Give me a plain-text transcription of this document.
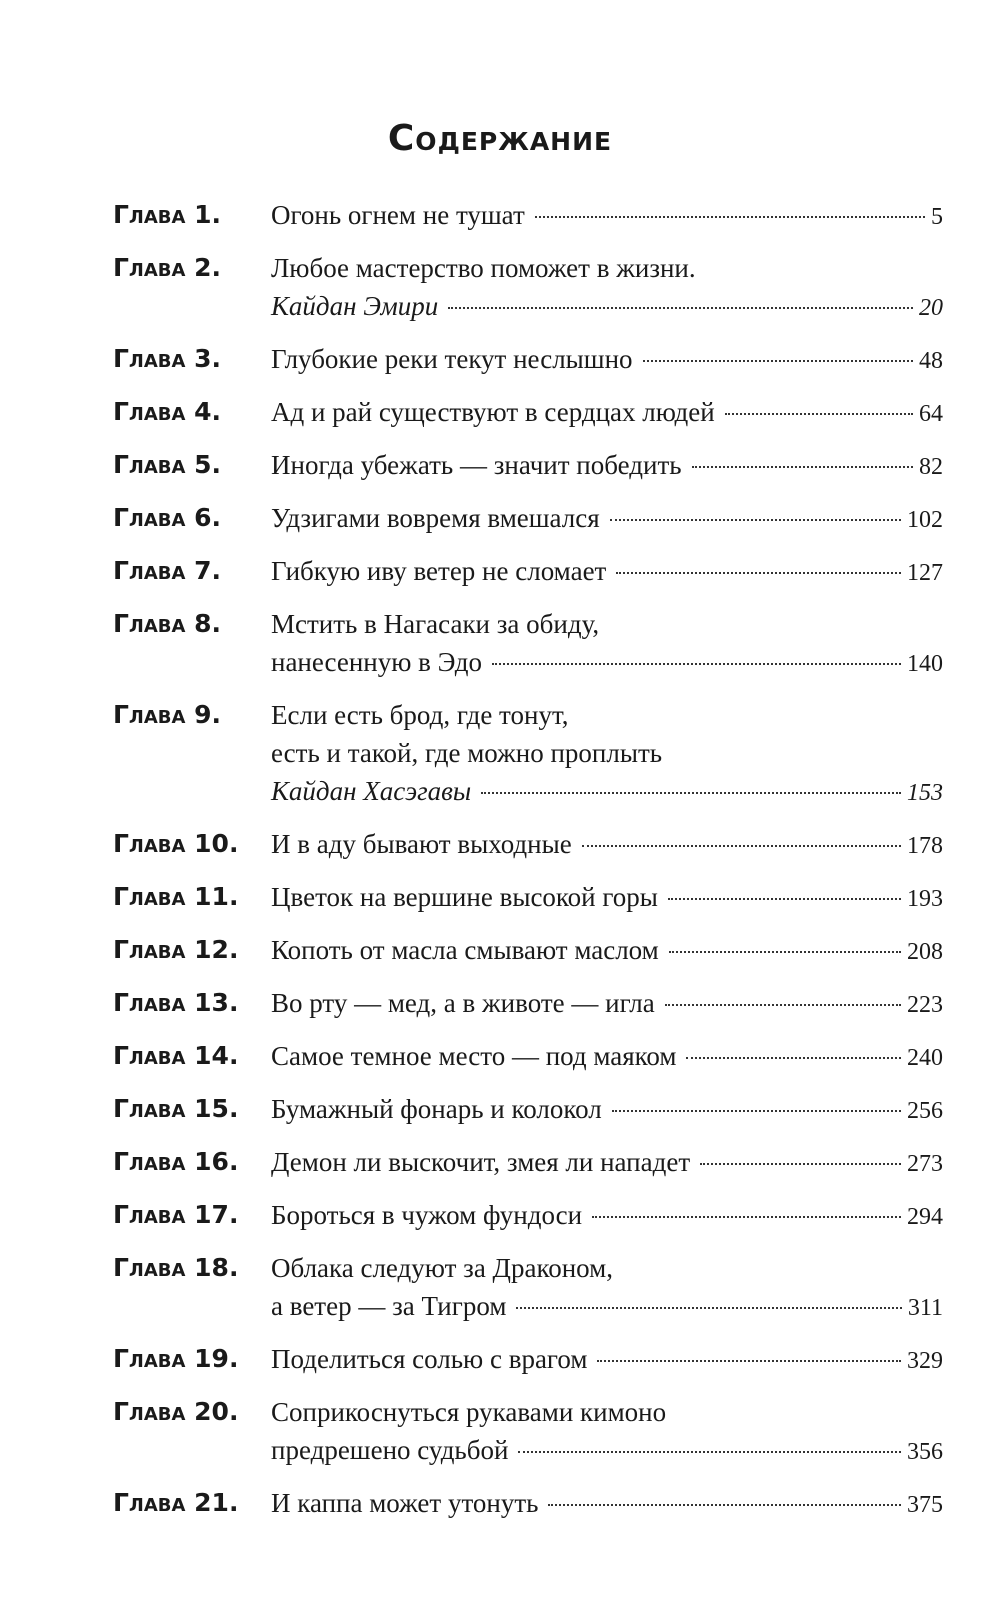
Содержание
Глава 1.	Огонь огнем не тушат	5
Глава 2.	Любое мастерство поможет в жизни.
Кайдан Эмири	20
Глава 3.	Глубокие реки текут неслышно	48
Глава 4.	Ад и рай существуют в сердцах людей	64
Глава 5.	Иногда убежать — значит победить	82
Глава 6.	Удзигами вовремя вмешался	102
Глава 7.	Гибкую иву ветер не сломает	127
Глава 8.	Мстить в Нагасаки за обиду,
нанесенную в Эдо	140
Глава 9.	Если есть брод, где тонут,
есть и такой, где можно проплыть
Кайдан Хасэгавы	153
Глава 10.	И в аду бывают выходные	178
Глава 11.	Цветок на вершине высокой горы	193
Глава 12.	Копоть от масла смывают маслом	208
Глава 13.	Во рту — мед, а в животе — игла	223
Глава 14.	Самое темное место — под маяком	240
Глава 15.	Бумажный фонарь и колокол	256
Глава 16.	Демон ли выскочит, змея ли нападет	273
Глава 17.	Бороться в чужом фундоси	294
Глава 18.	Облака следуют за Драконом,
а ветер — за Тигром	311
Глава 19.	Поделиться солью с врагом	329
Глава 20.	Соприкоснуться рукавами кимоно
предрешено судьбой	356
Глава 21.	И каппа может утонуть	375
